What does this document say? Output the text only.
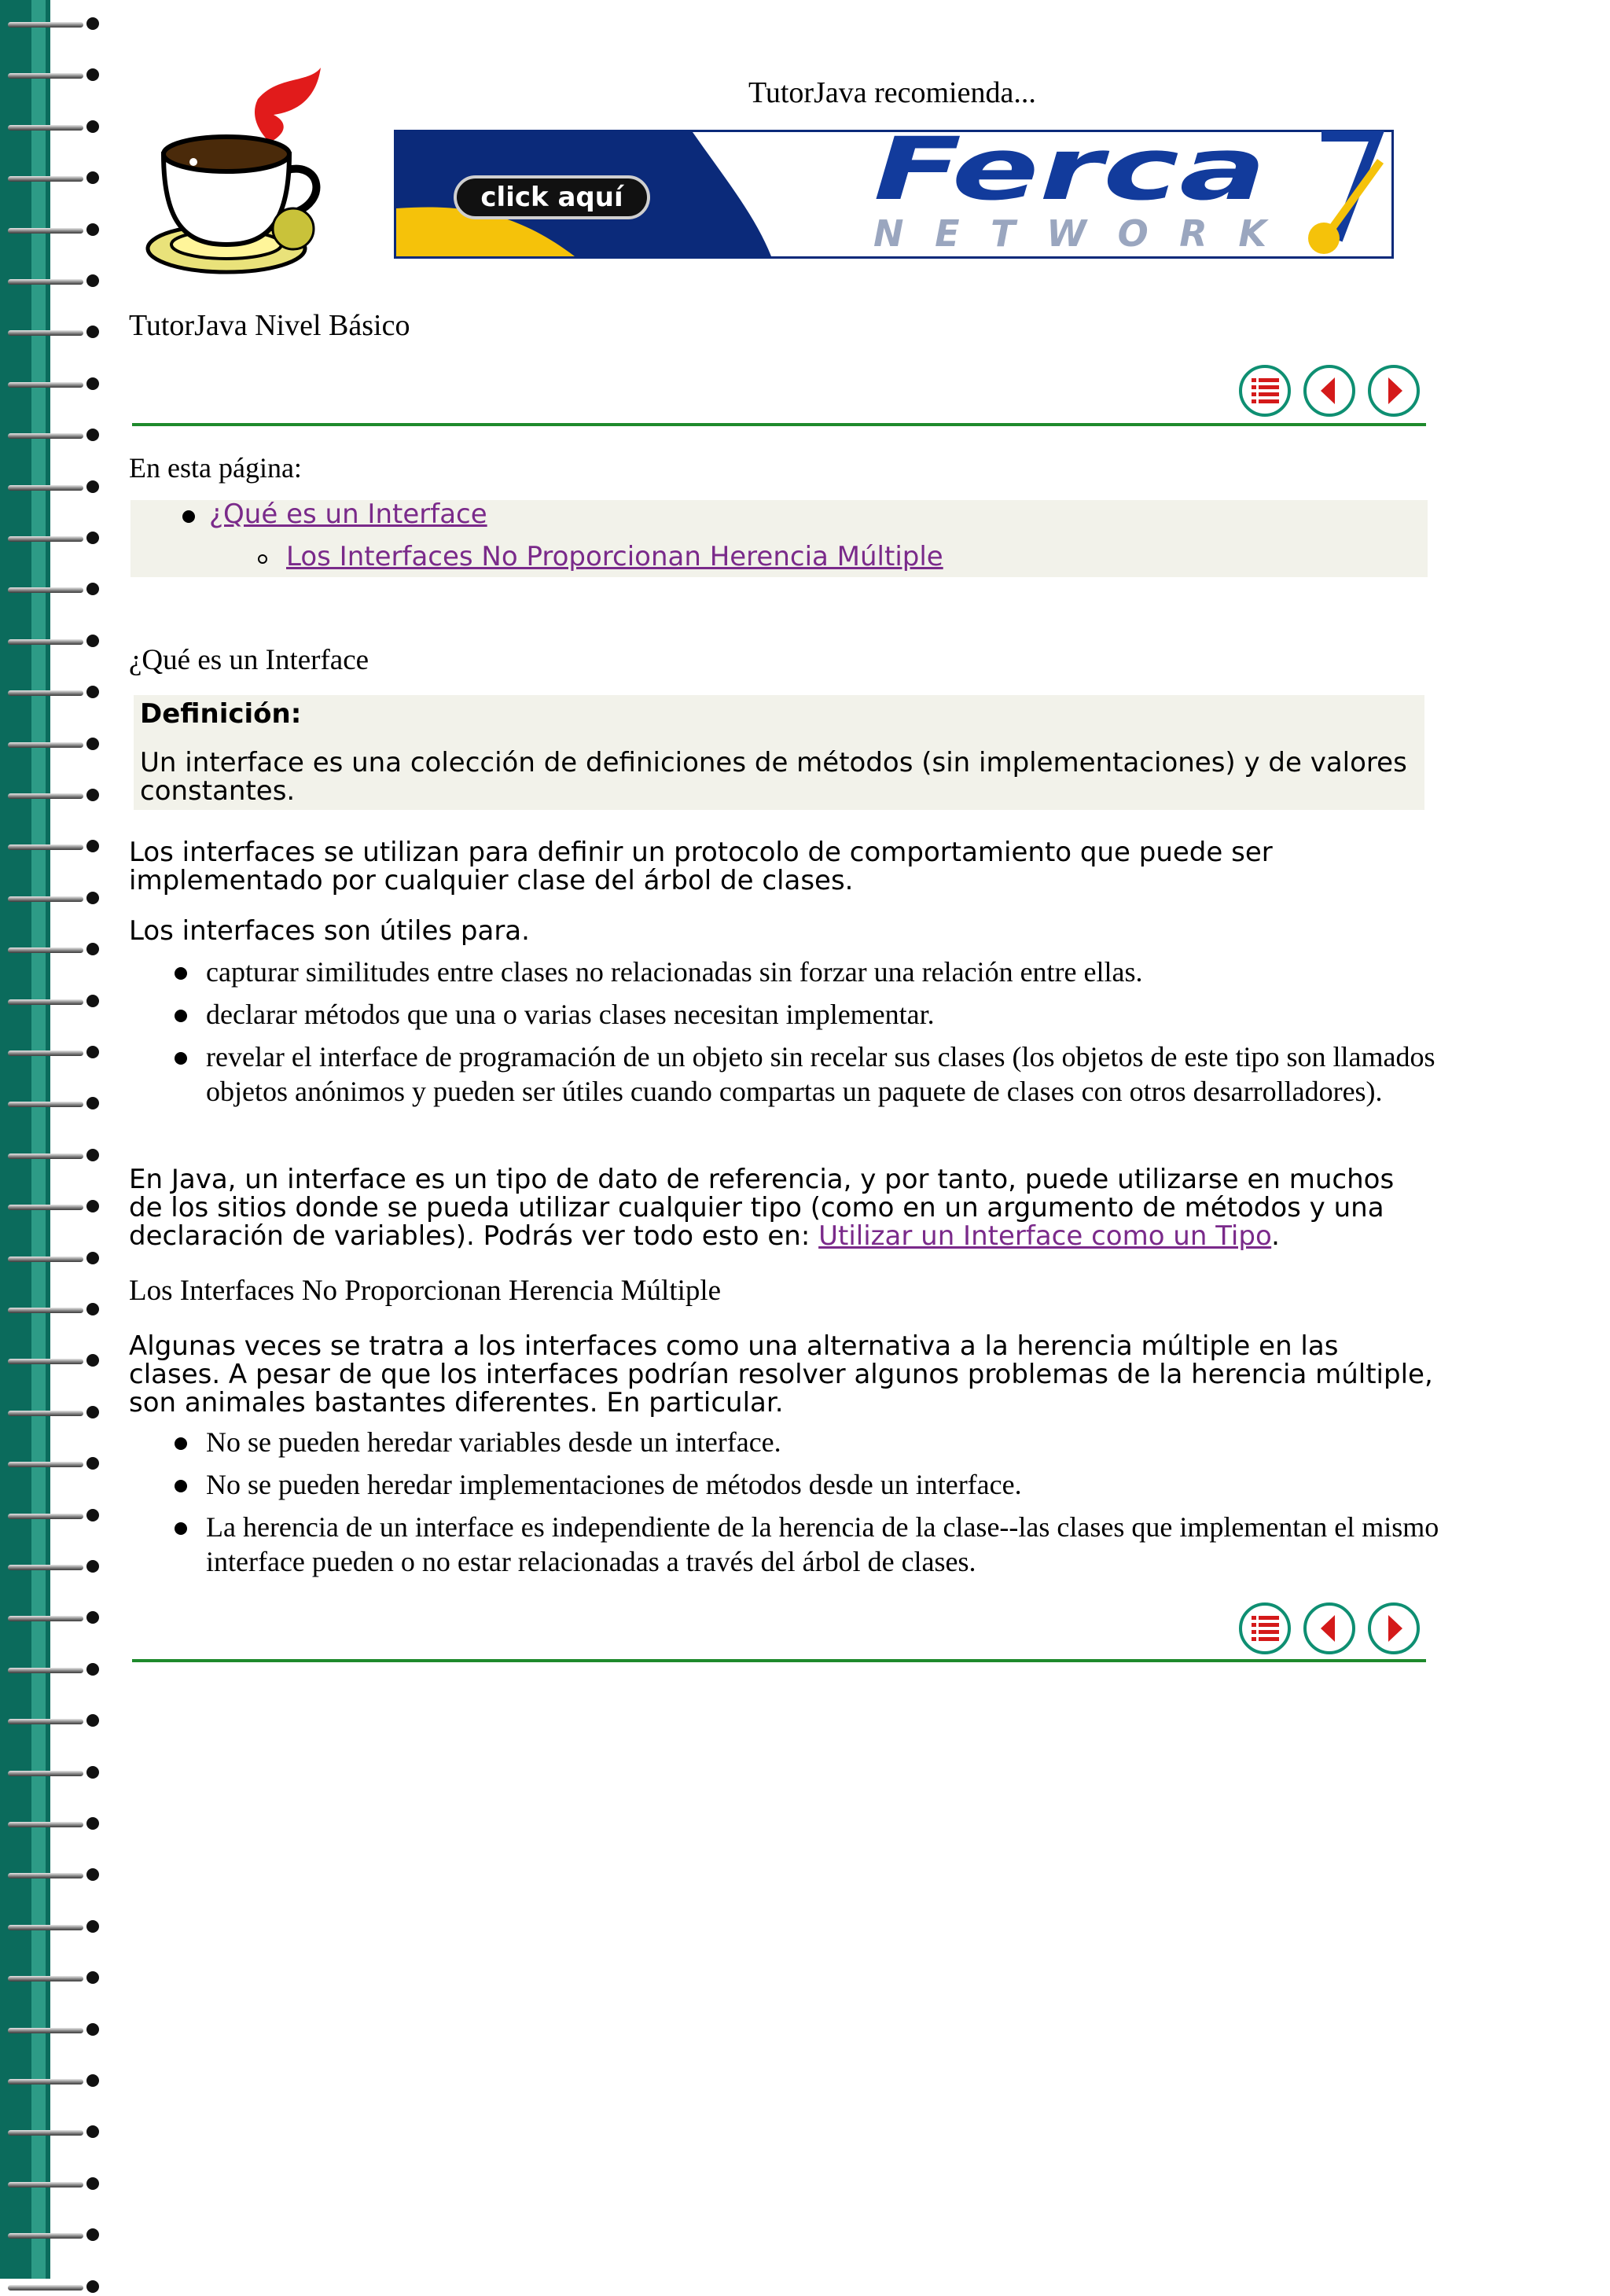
TutorJava recomienda...
click aquí	Ferca
NETWORK
TutorJava Nivel Básico
En esta página:
¿Qué es un Interface
Los Interfaces No Proporcionan Herencia Múltiple
¿Qué es un Interface
Definición:
Un interface es una colección de definiciones de métodos (sin implementaciones) y de valores constantes.
Los interfaces se utilizan para definir un protocolo de comportamiento que puede ser implementado por cualquier clase del árbol de clases.
Los interfaces son útiles para.
capturar similitudes entre clases no relacionadas sin forzar una relación entre ellas.
declarar métodos que una o varias clases necesitan implementar.
revelar el interface de programación de un objeto sin recelar sus clases (los objetos de este tipo son llamados objetos anónimos y pueden ser útiles cuando compartas un paquete de clases con otros desarrolladores).
En Java, un interface es un tipo de dato de referencia, y por tanto, puede utilizarse en muchos de los sitios donde se pueda utilizar cualquier tipo (como en un argumento de métodos y una declaración de variables). Podrás ver todo esto en: Utilizar un Interface como un Tipo.
Los Interfaces No Proporcionan Herencia Múltiple
Algunas veces se tratra a los interfaces como una alternativa a la herencia múltiple en las clases. A pesar de que los interfaces podrían resolver algunos problemas de la herencia múltiple, son animales bastantes diferentes. En particular.
No se pueden heredar variables desde un interface.
No se pueden heredar implementaciones de métodos desde un interface.
La herencia de un interface es independiente de la herencia de la clase--las clases que implementan el mismo interface pueden o no estar relacionadas a través del árbol de clases.
